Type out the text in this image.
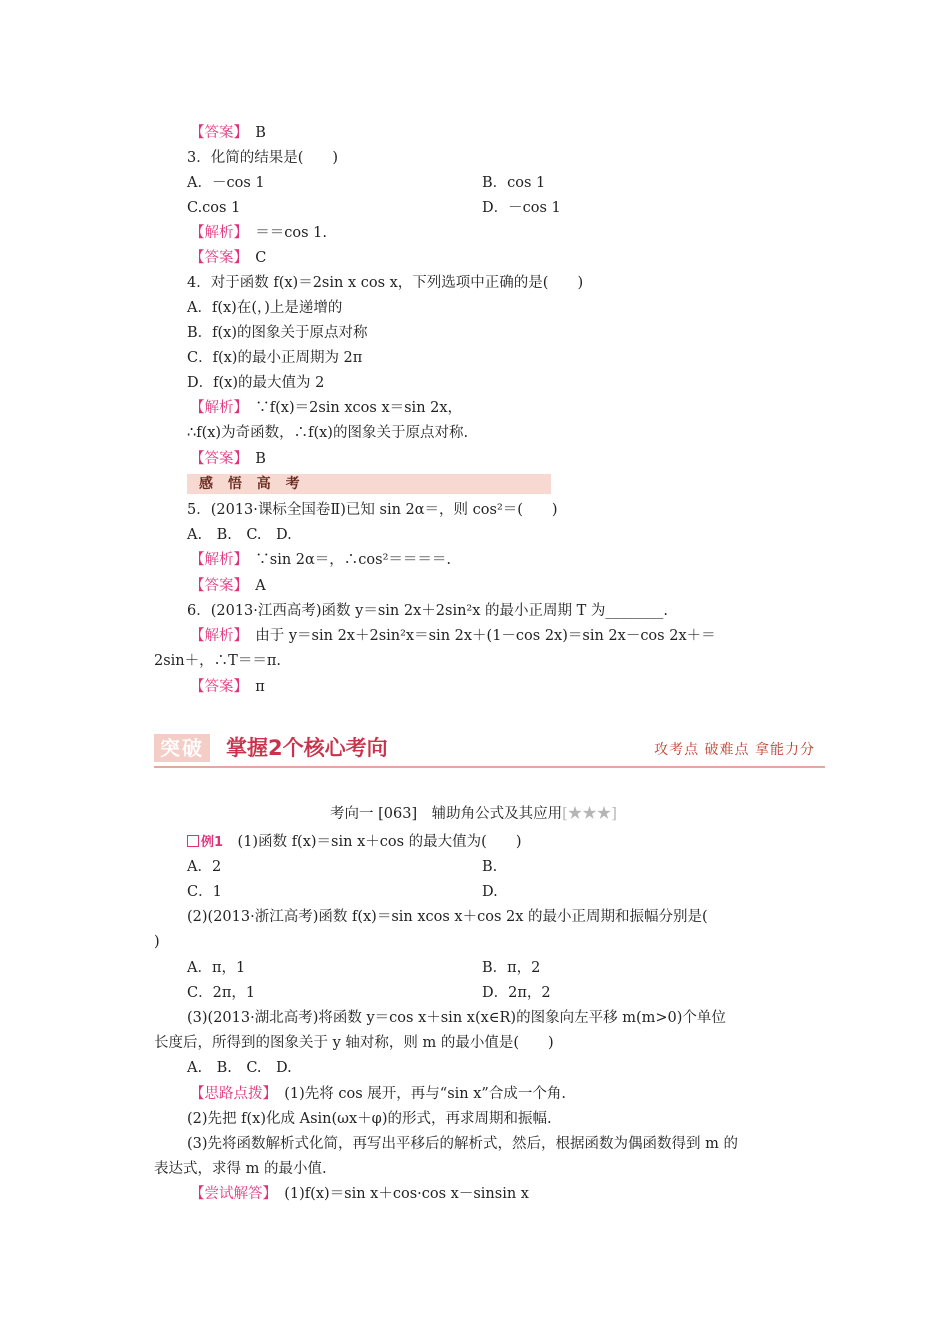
【答案】　B
3．化简的结果是(　　)
A．－cos 1	B．cos 1
C.cos 1	D．－cos 1
【解析】　＝＝cos 1.
【答案】　C
4．对于函数 f(x)＝2sin x cos x，下列选项中正确的是(　　)
A．f(x)在(，)上是递增的
B．f(x)的图象关于原点对称
C．f(x)的最小正周期为 2π
D．f(x)的最大值为 2
【解析】　∵f(x)＝2sin xcos x＝sin 2x，
∴f(x)为奇函数，∴f(x)的图象关于原点对称.
【答案】　B
5．(2013·课标全国卷Ⅱ)已知 sin 2α＝，则 cos²＝(　　)
A.　B.　C.　D.
【解析】　∵sin 2α＝，∴cos²＝＝＝＝.
【答案】　A
6．(2013·江西高考)函数 y＝sin 2x＋2sin²x 的最小正周期 T 为________.
【解析】　由于 y＝sin 2x＋2sin²x＝sin 2x＋(1－cos 2x)＝sin 2x－cos 2x＋＝
2sin＋，∴T＝＝π.
【答案】　π
A．2	B.
C．1	D.
(2)(2013·浙江高考)函数 f(x)＝sin xcos x＋cos 2x 的最小正周期和振幅分别是(
)
A．π，1	B．π，2
C．2π，1	D．2π，2
(3)(2013·湖北高考)将函数 y＝cos x＋sin x(x∈R)的图象向左平移 m(m>0)个单位
长度后，所得到的图象关于 y 轴对称，则 m 的最小值是(　　)
A.　B.　C.　D.
【思路点拨】　(1)先将 cos 展开，再与“sin x”合成一个角.
(2)先把 f(x)化成 Asin(ωx＋φ)的形式，再求周期和振幅.
(3)先将函数解析式化简，再写出平移后的解析式，然后，根据函数为偶函数得到 m 的
表达式，求得 m 的最小值.
【尝试解答】　(1)f(x)＝sin x＋cos·cos x－sinsin x
感 悟 高 考
突破 掌握2个核心考向	攻考点 破难点 拿能力分
考向一 [063]　辅助角公式及其应用[★★★]
例1　(1)函数 f(x)＝sin x＋cos 的最大值为(　　)
